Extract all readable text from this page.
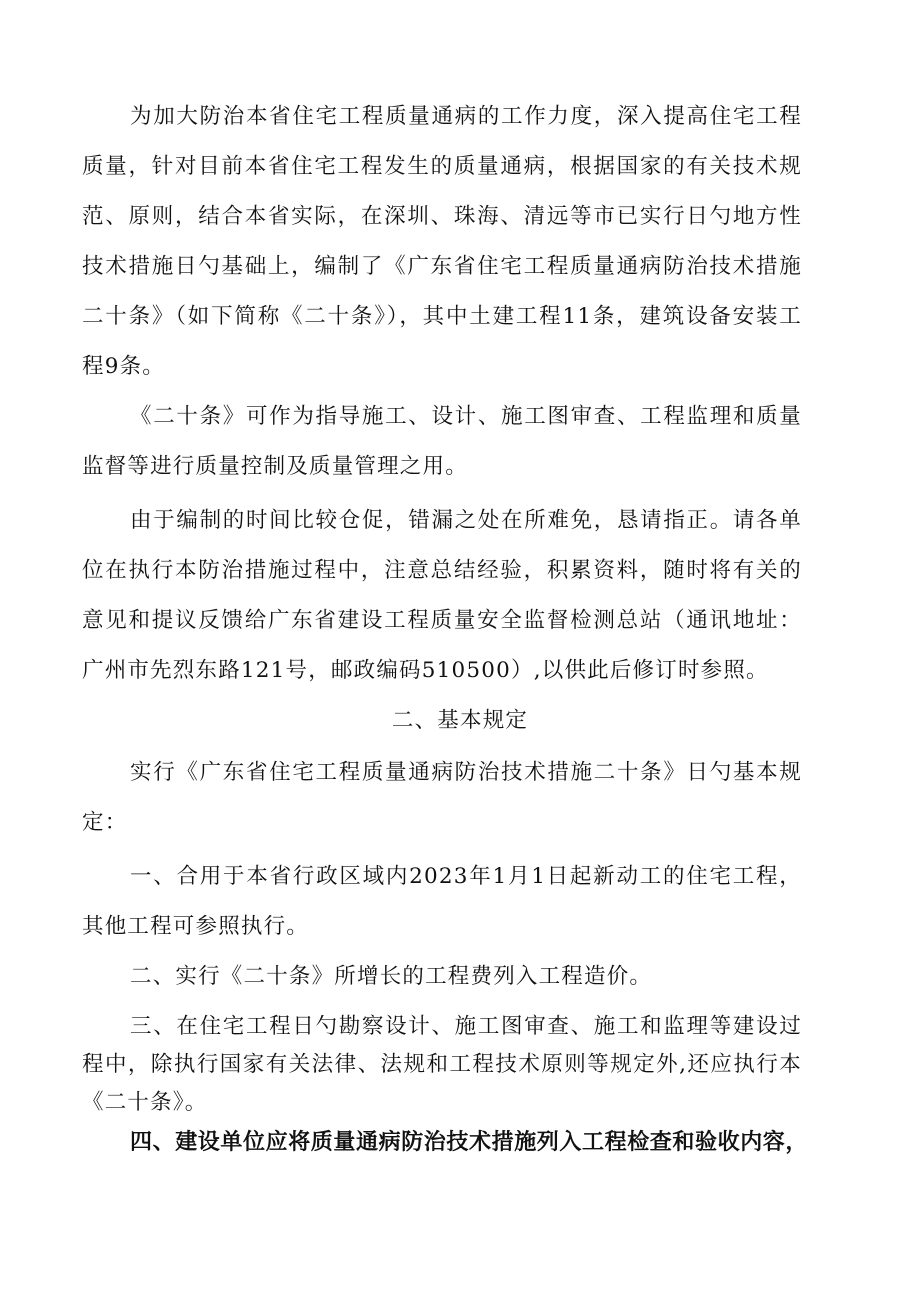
为加大防治本省住宅工程质量通病的工作力度，深入提高住宅工程质量，针对目前本省住宅工程发生的质量通病，根据国家的有关技术规范、原则，结合本省实际，在深圳、珠海、清远等市已实行日勺地方性技术措施日勺基础上，编制了《广东省住宅工程质量通病防治技术措施二十条》（如下简称《二十条》），其中土建工程11条，建筑设备安装工程9条。

《二十条》可作为指导施工、设计、施工图审查、工程监理和质量监督等进行质量控制及质量管理之用。

由于编制的时间比较仓促，错漏之处在所难免，恳请指正。请各单位在执行本防治措施过程中，注意总结经验，积累资料，随时将有关的意见和提议反馈给广东省建设工程质量安全监督检测总站（通讯地址：广州市先烈东路121号，邮政编码510500）,以供此后修订时参照。

二、基本规定

实行《广东省住宅工程质量通病防治技术措施二十条》日勺基本规定：

一、合用于本省行政区域内2023年1月1日起新动工的住宅工程，其他工程可参照执行。

二、实行《二十条》所增长的工程费列入工程造价。

三、在住宅工程日勺勘察设计、施工图审查、施工和监理等建设过程中，除执行国家有关法律、法规和工程技术原则等规定外,还应执行本《二十条》。

四、建设单位应将质量通病防治技术措施列入工程检查和验收内容，
